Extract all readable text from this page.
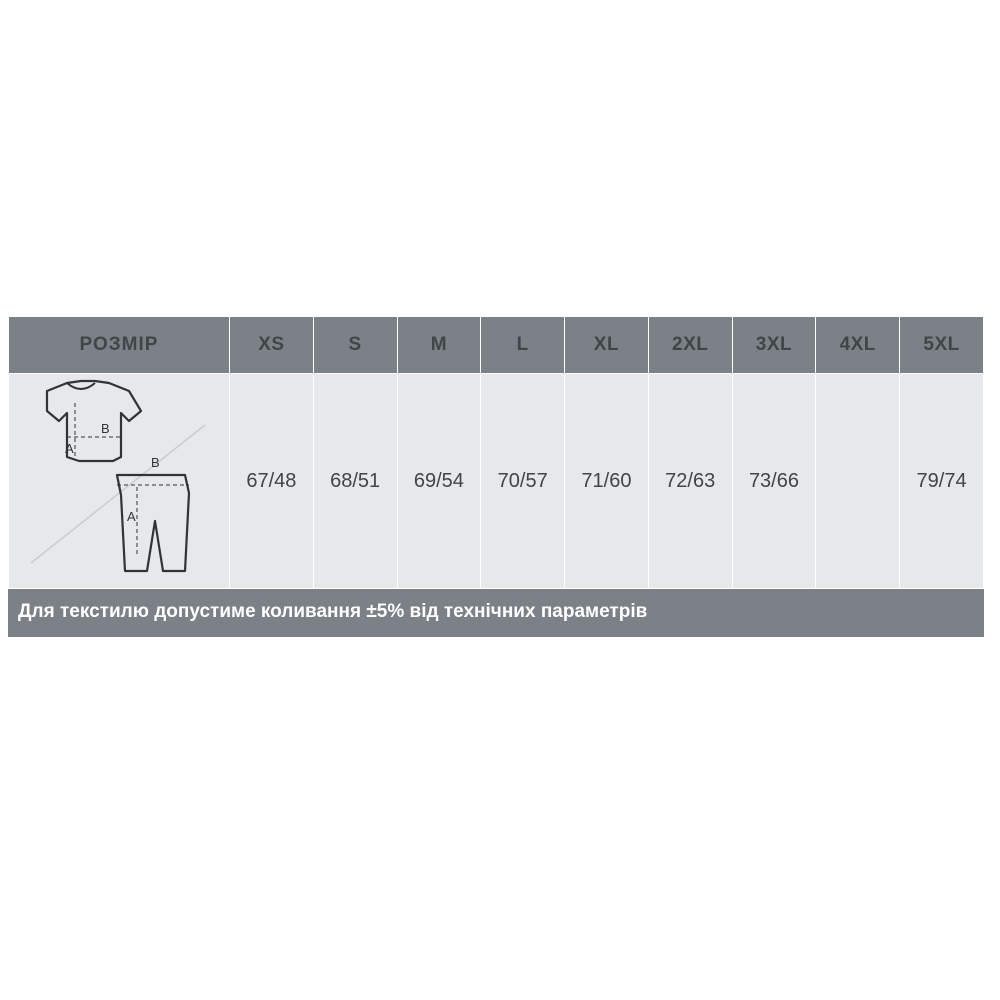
РОЗМІР	XS	S	M	L	XL	2XL	3XL	4XL	5XL

A
B
A
B	67/48	68/51	69/54	70/57	71/60	72/63	73/66		79/74
Для текстилю допустиме коливання ±5% від технічних параметрів
